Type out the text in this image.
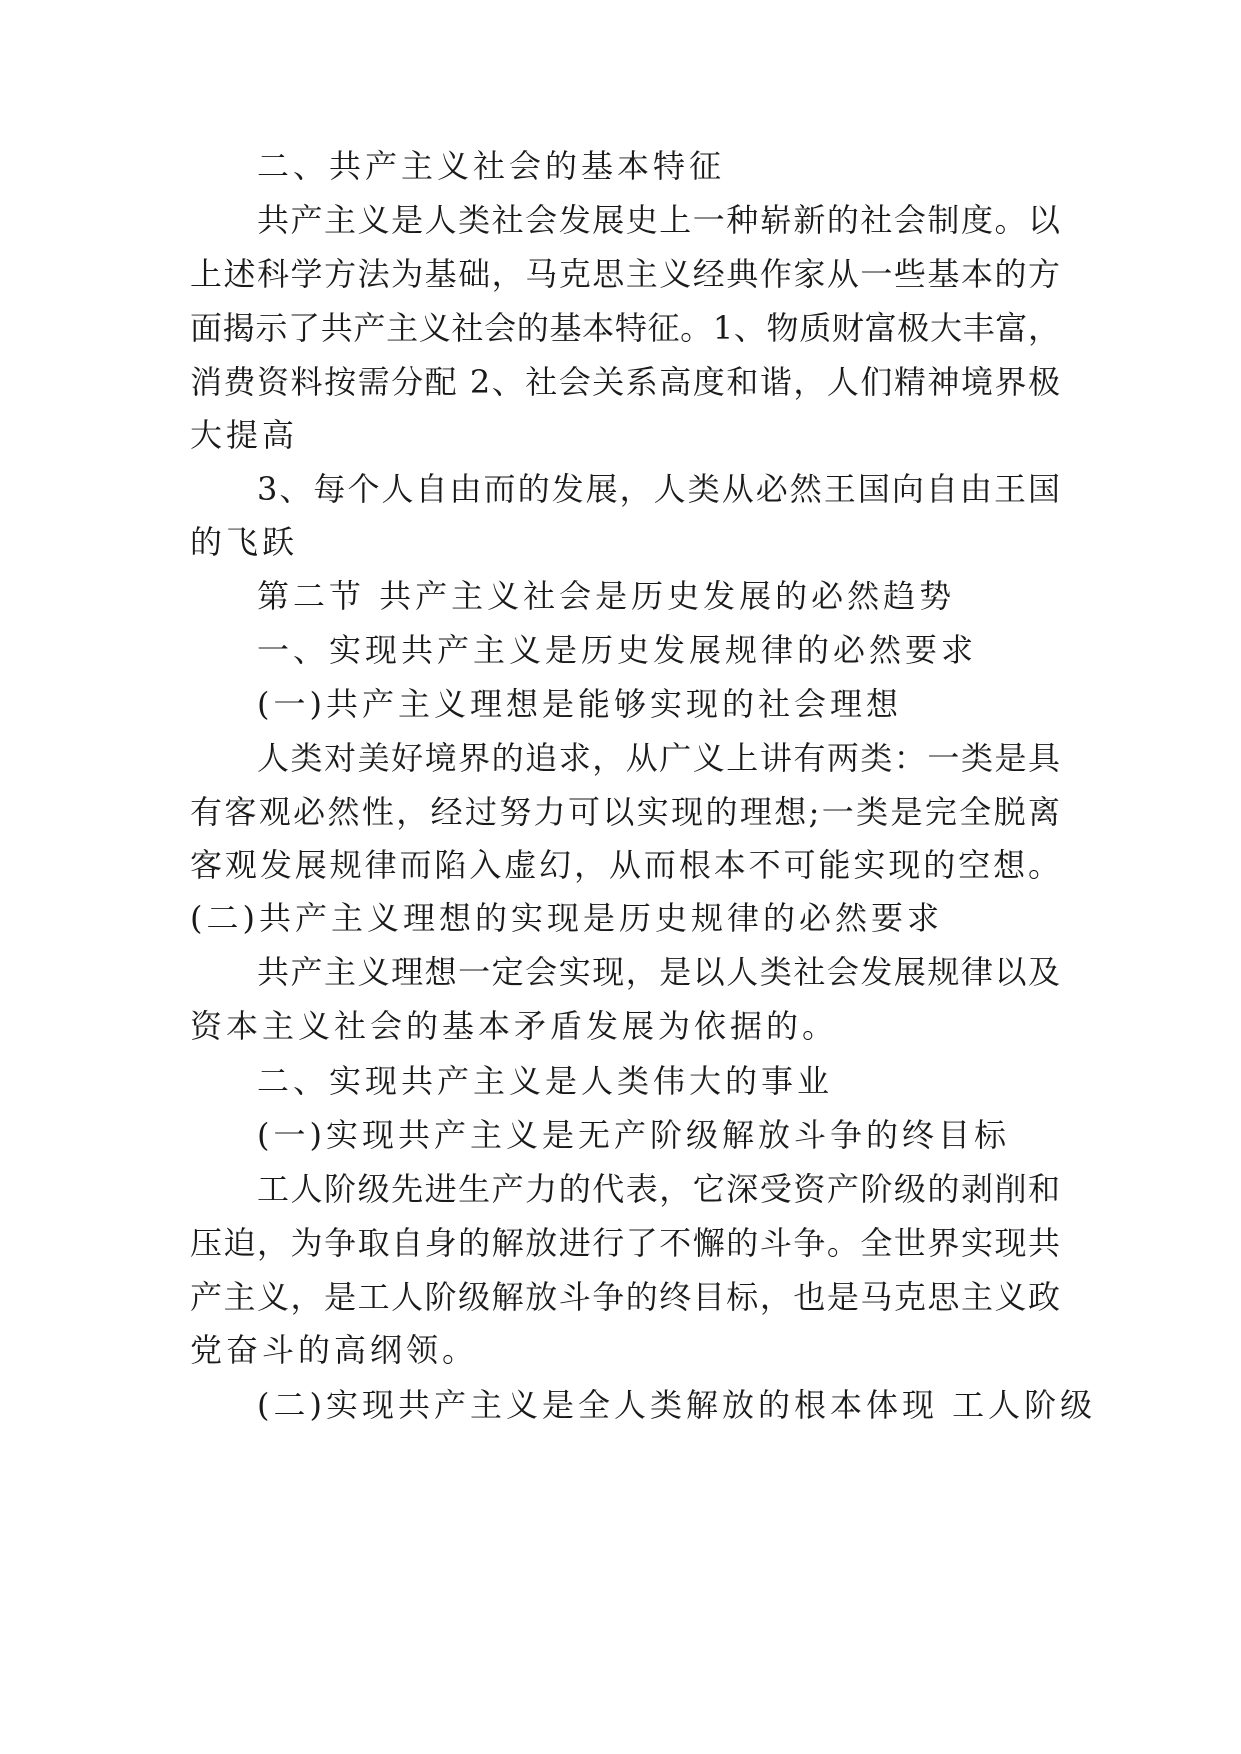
二、共产主义社会的基本特征
共产主义是人类社会发展史上一种崭新的社会制度。以
上述科学方法为基础，马克思主义经典作家从一些基本的方
面揭示了共产主义社会的基本特征。1、物质财富极大丰富，
消费资料按需分配 2、社会关系高度和谐，人们精神境界极
大提高
3、每个人自由而的发展，人类从必然王国向自由王国
的飞跃
第二节 共产主义社会是历史发展的必然趋势
一、实现共产主义是历史发展规律的必然要求
(一)共产主义理想是能够实现的社会理想
人类对美好境界的追求，从广义上讲有两类：一类是具
有客观必然性，经过努力可以实现的理想;一类是完全脱离
客观发展规律而陷入虚幻，从而根本不可能实现的空想。
(二)共产主义理想的实现是历史规律的必然要求
共产主义理想一定会实现，是以人类社会发展规律以及
资本主义社会的基本矛盾发展为依据的。
二、实现共产主义是人类伟大的事业
(一)实现共产主义是无产阶级解放斗争的终目标
工人阶级先进生产力的代表，它深受资产阶级的剥削和
压迫，为争取自身的解放进行了不懈的斗争。全世界实现共
产主义，是工人阶级解放斗争的终目标，也是马克思主义政
党奋斗的高纲领。
(二)实现共产主义是全人类解放的根本体现 工人阶级
